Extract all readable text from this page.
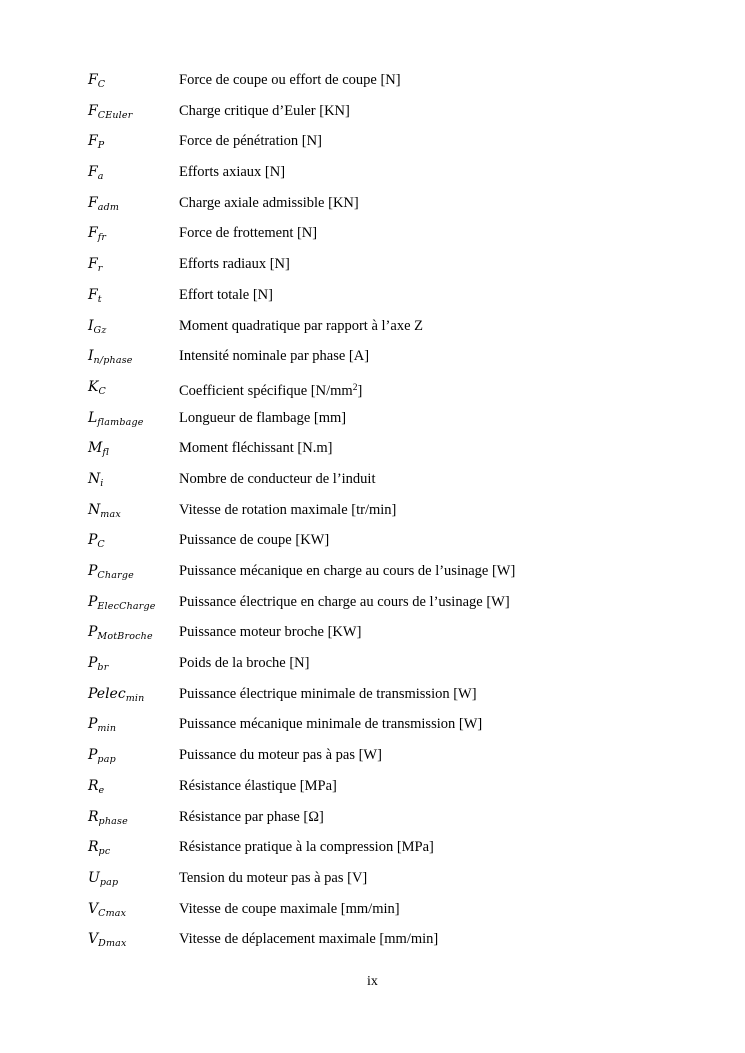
$F_C$	Force de coupe ou effort de coupe [N]
$F_{CEuler}$	Charge critique d’Euler [KN]
$F_P$	Force de pénétration [N]
$F_a$	Efforts axiaux [N]
$F_{adm}$	Charge axiale admissible [KN]
$F_{fr}$	Force de frottement [N]
$F_r$	Efforts radiaux [N]
$F_t$	Effort totale [N]
$I_{Gz}$	Moment quadratique par rapport à l’axe Z
$I_{n/phase}$	Intensité nominale par phase [A]
$K_C$	Coefficient spécifique $[N/mm^2]$
$L_{flambage}$	Longueur de flambage [mm]
$M_{fl}$	Moment fléchissant [N.m]
$N_i$	Nombre de conducteur de l’induit
$N_{max}$	Vitesse de rotation maximale [tr/min]
$P_C$	Puissance de coupe [KW]
$P_{Charge}$	Puissance mécanique en charge au cours de l’usinage [W]
$P_{ElecCharge}$	Puissance électrique en charge au cours de l’usinage [W]
$P_{MotBroche}$	Puissance moteur broche [KW]
$P_{br}$	Poids de la broche [N]
Pelec$_{min}$	Puissance électrique minimale de transmission [W]
$P_{min}$	Puissance mécanique minimale de transmission [W]
$P_{pap}$	Puissance du moteur pas à pas [W]
$R_e$	Résistance élastique [MPa]
$R_{phase}$	Résistance par phase [Ω]
$R_{pc}$	Résistance pratique à la compression [MPa]
$U_{pap}$	Tension du moteur pas à pas [V]
$V_{Cmax}$	Vitesse de coupe maximale [mm/min]
$V_{Dmax}$	Vitesse de déplacement maximale [mm/min]
ix
